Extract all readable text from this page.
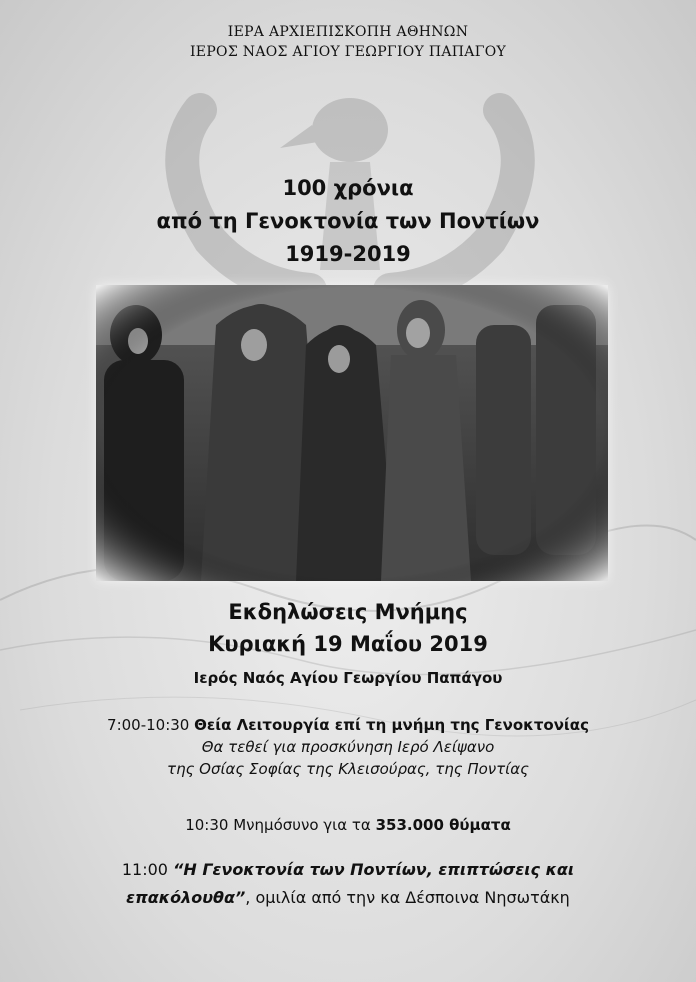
ΙΕΡΑ ΑΡΧΙΕΠΙΣΚΟΠΗ ΑΘΗΝΩΝ
ΙΕΡΟΣ ΝΑΟΣ ΑΓΙΟΥ ΓΕΩΡΓΙΟΥ ΠΑΠΑΓΟΥ
100 χρόνια
από τη Γενοκτονία των Ποντίων
1919-2019
Εκδηλώσεις Μνήμης
Κυριακή 19 Μαΐου 2019
Ιερός Ναός Αγίου Γεωργίου Παπάγου
7:00-10:30 Θεία Λειτουργία επί τη μνήμη της Γενοκτονίας
Θα τεθεί για προσκύνηση Ιερό Λείψανο
της Οσίας Σοφίας της Κλεισούρας, της Ποντίας
10:30 Μνημόσυνο για τα 353.000 θύματα
11:00 “Η Γενοκτονία των Ποντίων, επιπτώσεις και
επακόλουθα”, ομιλία από την κα Δέσποινα Νησωτάκη
